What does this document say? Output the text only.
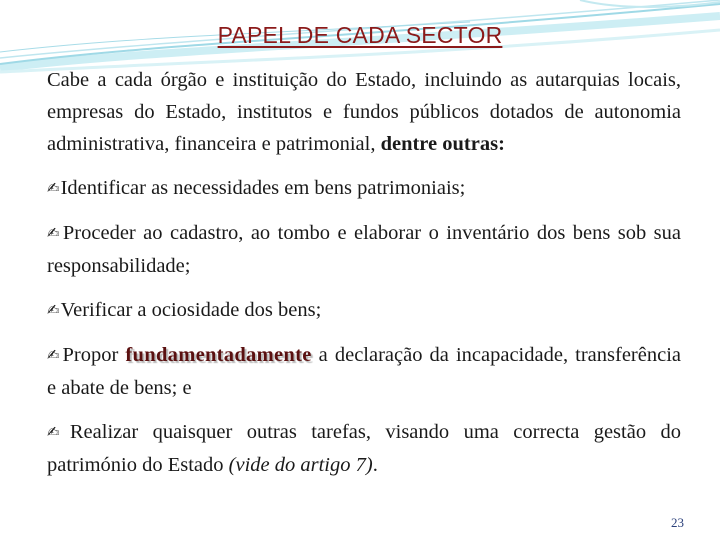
PAPEL DE CADA SECTOR

Cabe a cada órgão e instituição do Estado, incluindo as autarquias locais, empresas do Estado, institutos e fundos públicos dotados de autonomia administrativa, financeira e patrimonial, dentre outras:

✍Identificar as necessidades em bens patrimoniais;

✍Proceder ao cadastro, ao tombo e elaborar o inventário dos bens sob sua responsabilidade;

✍Verificar a ociosidade dos bens;

✍Propor fundamentadamente a declaração da incapacidade, transferência e abate de bens; e

✍Realizar quaisquer outras tarefas, visando uma correcta gestão do património do Estado (vide do artigo 7).

23
